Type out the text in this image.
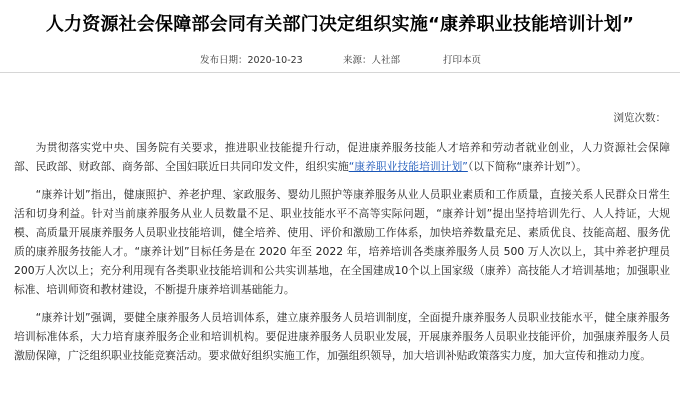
人力资源社会保障部会同有关部门决定组织实施“康养职业技能培训计划”
发布日期：2020-10-23	来源：人社部	打印本页
浏览次数：

为贯彻落实党中央、国务院有关要求，推进职业技能提升行动，促进康养服务技能人才培养和劳动者就业创业，人力资源社会保障部、民政部、财政部、商务部、全国妇联近日共同印发文件，组织实施“康养职业技能培训计划”（以下简称“康养计划”）。

“康养计划”指出，健康照护、养老护理、家政服务、婴幼儿照护等康养服务从业人员职业素质和工作质量，直接关系人民群众日常生活和切身利益。针对当前康养服务从业人员数量不足、职业技能水平不高等实际问题，“康养计划”提出坚持培训先行、人人持证，大规模、高质量开展康养服务人员职业技能培训，健全培养、使用、评价和激励工作体系，加快培养数量充足、素质优良、技能高超、服务优质的康养服务技能人才。“康养计划”目标任务是在 2020 年至 2022 年，培养培训各类康养服务人员 500 万人次以上，其中养老护理员 200万人次以上；充分利用现有各类职业技能培训和公共实训基地，在全国建成10个以上国家级（康养）高技能人才培训基地；加强职业标准、培训师资和教材建设，不断提升康养培训基础能力。

“康养计划”强调，要健全康养服务人员培训体系，建立康养服务人员培训制度，全面提升康养服务人员职业技能水平，健全康养服务培训标准体系，大力培育康养服务企业和培训机构。要促进康养服务人员职业发展，开展康养服务人员职业技能评价，加强康养服务人员激励保障，广泛组织职业技能竞赛活动。要求做好组织实施工作，加强组织领导，加大培训补贴政策落实力度，加大宣传和推动力度。
